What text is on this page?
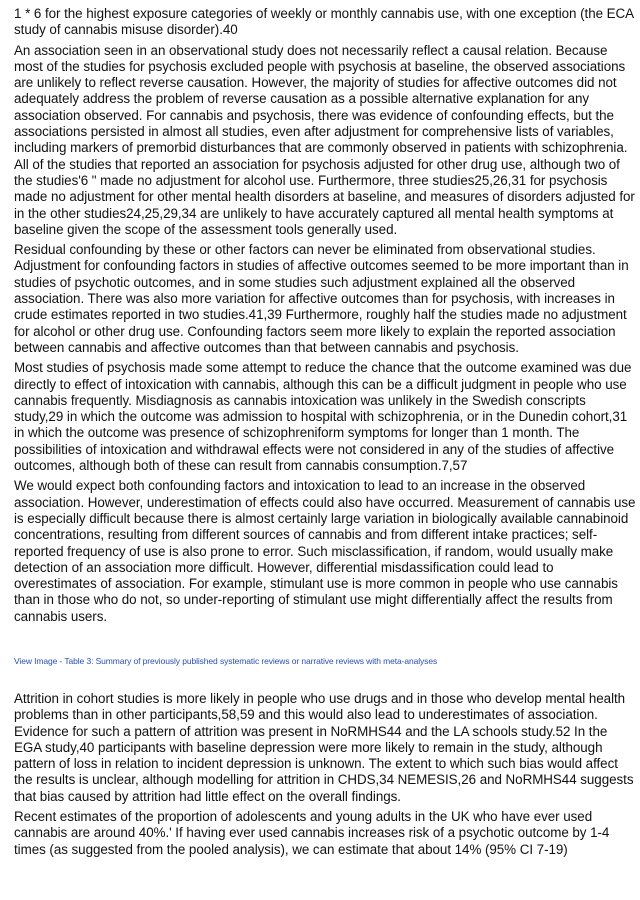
1 * 6 for the highest exposure categories of weekly or monthly cannabis use, with one exception (the ECA study of cannabis misuse disorder).40

An association seen in an observational study does not necessarily reflect a causal relation. Because most of the studies for psychosis excluded people with psychosis at baseline, the observed associations are unlikely to reflect reverse causation. However, the majority of studies for affective outcomes did not adequately address the problem of reverse causation as a possible alternative explanation for any association observed. For cannabis and psychosis, there was evidence of confounding effects, but the associations persisted in almost all studies, even after adjustment for comprehensive lists of variables, including markers of premorbid disturbances that are commonly observed in patients with schizophrenia. All of the studies that reported an association for psychosis adjusted for other drug use, although two of the studies'6 " made no adjustment for alcohol use. Furthermore, three studies25,26,31 for psychosis made no adjustment for other mental health disorders at baseline, and measures of disorders adjusted for in the other studies24,25,29,34 are unlikely to have accurately captured all mental health symptoms at baseline given the scope of the assessment tools generally used.

Residual confounding by these or other factors can never be eliminated from observational studies. Adjustment for confounding factors in studies of affective outcomes seemed to be more important than in studies of psychotic outcomes, and in some studies such adjustment explained all the observed association. There was also more variation for affective outcomes than for psychosis, with increases in crude estimates reported in two studies.41,39 Furthermore, roughly half the studies made no adjustment for alcohol or other drug use. Confounding factors seem more likely to explain the reported association between cannabis and affective outcomes than that between cannabis and psychosis.

Most studies of psychosis made some attempt to reduce the chance that the outcome examined was due directly to effect of intoxication with cannabis, although this can be a difficult judgment in people who use cannabis frequently. Misdiagnosis as cannabis intoxication was unlikely in the Swedish conscripts study,29 in which the outcome was admission to hospital with schizophrenia, or in the Dunedin cohort,31 in which the outcome was presence of schizophreniform symptoms for longer than 1 month. The possibilities of intoxication and withdrawal effects were not considered in any of the studies of affective outcomes, although both of these can result from cannabis consumption.7,57

We would expect both confounding factors and intoxication to lead to an increase in the observed association. However, underestimation of effects could also have occurred. Measurement of cannabis use is especially difficult because there is almost certainly large variation in biologically available cannabinoid concentrations, resulting from different sources of cannabis and from different intake practices; self-reported frequency of use is also prone to error. Such misclassification, if random, would usually make detection of an association more difficult. However, differential misdassification could lead to overestimates of association. For example, stimulant use is more common in people who use cannabis than in those who do not, so under-reporting of stimulant use might differentially affect the results from cannabis users.

View Image - Table 3: Summary of previously published systematic reviews or narrative reviews with meta-analyses

Attrition in cohort studies is more likely in people who use drugs and in those who develop mental health problems than in other participants,58,59 and this would also lead to underestimates of association. Evidence for such a pattern of attrition was present in NoRMHS44 and the LA schools study.52 In the EGA study,40 participants with baseline depression were more likely to remain in the study, although pattern of loss in relation to incident depression is unknown. The extent to which such bias would affect the results is unclear, although modelling for attrition in CHDS,34 NEMESIS,26 and NoRMHS44 suggests that bias caused by attrition had little effect on the overall findings.

Recent estimates of the proportion of adolescents and young adults in the UK who have ever used cannabis are around 40%.' If having ever used cannabis increases risk of a psychotic outcome by 1-4 times (as suggested from the pooled analysis), we can estimate that about 14% (95% CI 7-19)
